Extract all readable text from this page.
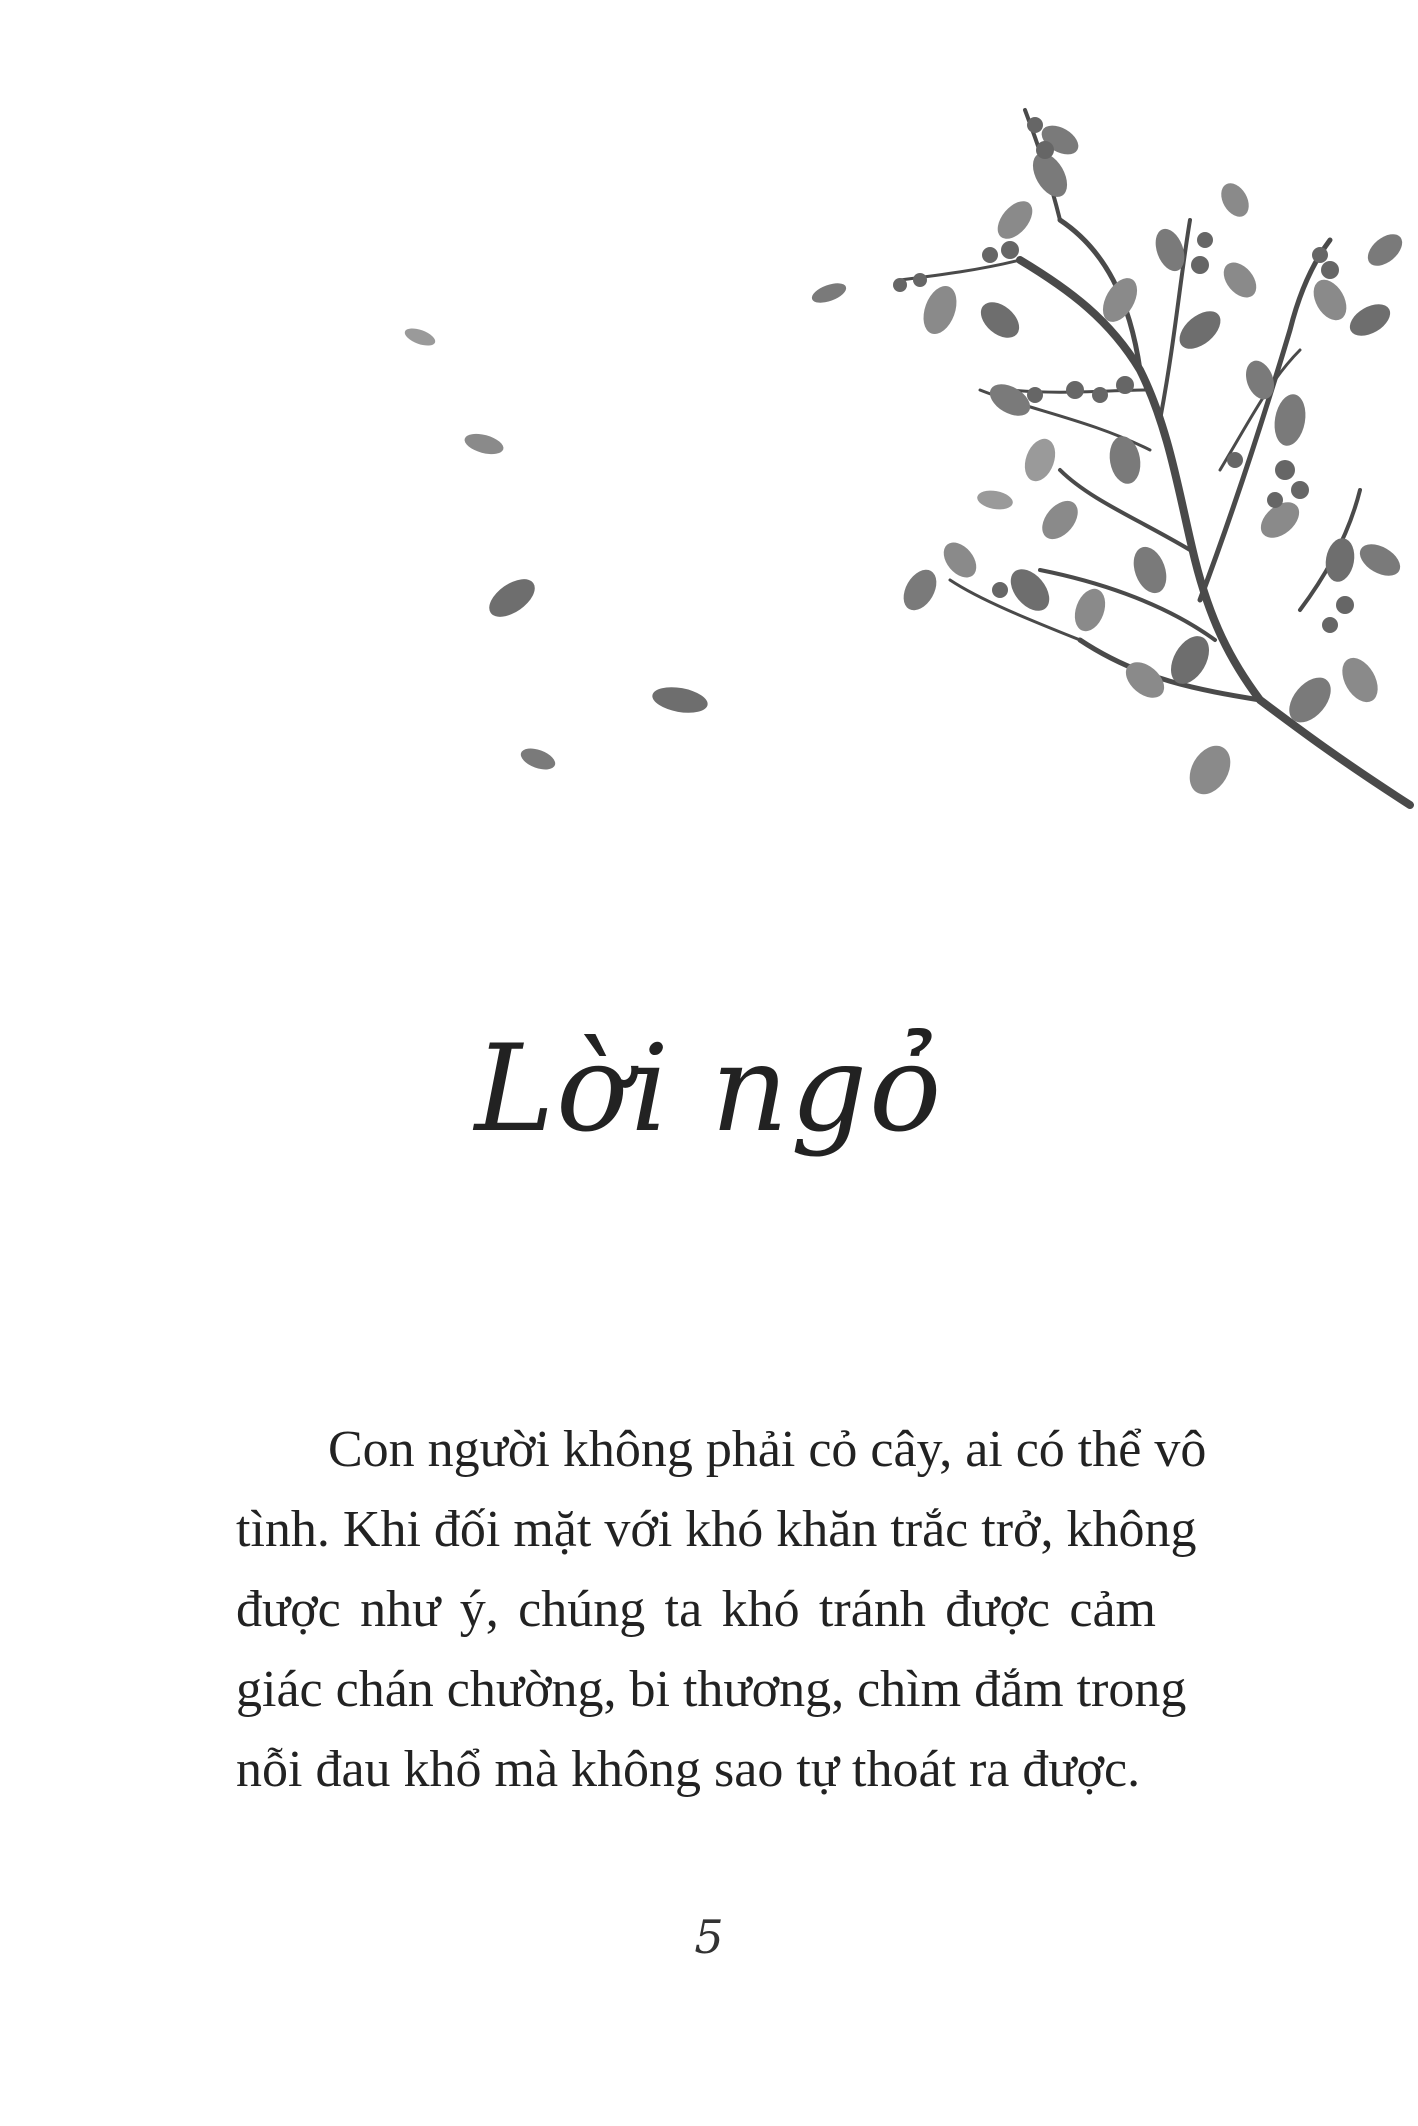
Lời ngỏ
Con người không phải cỏ cây, ai có thể vô
tình. Khi đối mặt với khó khăn trắc trở, không
được như ý, chúng ta khó tránh được cảm
giác chán chường, bi thương, chìm đắm trong
nỗi đau khổ mà không sao tự thoát ra được.
5
